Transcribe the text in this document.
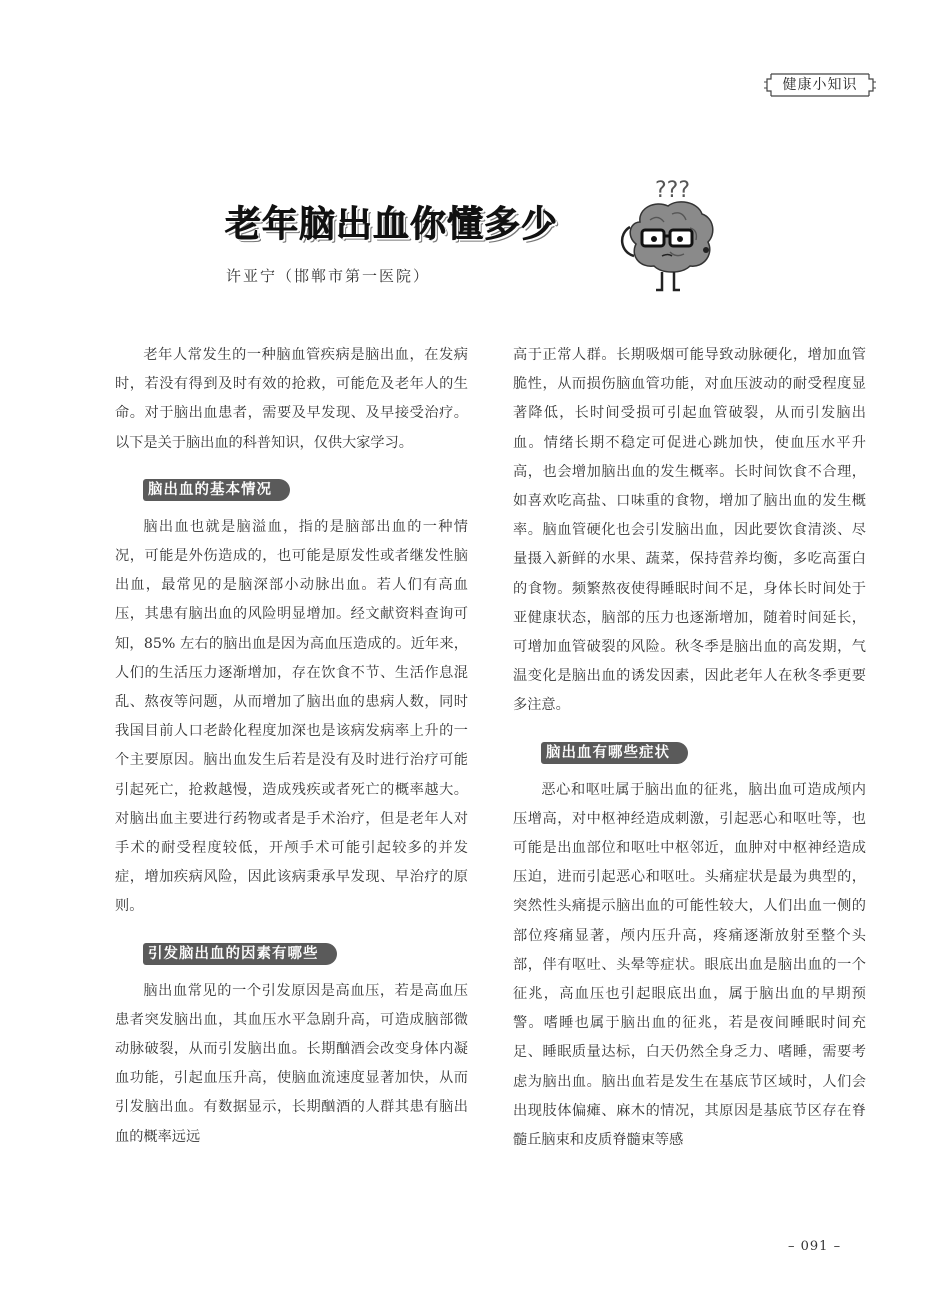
健康小知识
老年脑出血你懂多少
许亚宁（邯郸市第一医院）
???

老年人常发生的一种脑血管疾病是脑出血，在发病时，若没有得到及时有效的抢救，可能危及老年人的生命。对于脑出血患者，需要及早发现、及早接受治疗。以下是关于脑出血的科普知识，仅供大家学习。

脑出血的基本情况

脑出血也就是脑溢血，指的是脑部出血的一种情况，可能是外伤造成的，也可能是原发性或者继发性脑出血，最常见的是脑深部小动脉出血。若人们有高血压，其患有脑出血的风险明显增加。经文献资料查询可知，85% 左右的脑出血是因为高血压造成的。近年来，人们的生活压力逐渐增加，存在饮食不节、生活作息混乱、熬夜等问题，从而增加了脑出血的患病人数，同时我国目前人口老龄化程度加深也是该病发病率上升的一个主要原因。脑出血发生后若是没有及时进行治疗可能引起死亡，抢救越慢，造成残疾或者死亡的概率越大。对脑出血主要进行药物或者是手术治疗，但是老年人对手术的耐受程度较低，开颅手术可能引起较多的并发症，增加疾病风险，因此该病秉承早发现、早治疗的原则。

引发脑出血的因素有哪些

脑出血常见的一个引发原因是高血压，若是高血压患者突发脑出血，其血压水平急剧升高，可造成脑部微动脉破裂，从而引发脑出血。长期酗酒会改变身体内凝血功能，引起血压升高，使脑血流速度显著加快，从而引发脑出血。有数据显示，长期酗酒的人群其患有脑出血的概率远远

高于正常人群。长期吸烟可能导致动脉硬化，增加血管脆性，从而损伤脑血管功能，对血压波动的耐受程度显著降低，长时间受损可引起血管破裂，从而引发脑出血。情绪长期不稳定可促进心跳加快，使血压水平升高，也会增加脑出血的发生概率。长时间饮食不合理，如喜欢吃高盐、口味重的食物，增加了脑出血的发生概率。脑血管硬化也会引发脑出血，因此要饮食清淡、尽量摄入新鲜的水果、蔬菜，保持营养均衡，多吃高蛋白的食物。频繁熬夜使得睡眠时间不足，身体长时间处于亚健康状态，脑部的压力也逐渐增加，随着时间延长，可增加血管破裂的风险。秋冬季是脑出血的高发期，气温变化是脑出血的诱发因素，因此老年人在秋冬季更要多注意。

脑出血有哪些症状

恶心和呕吐属于脑出血的征兆，脑出血可造成颅内压增高，对中枢神经造成刺激，引起恶心和呕吐等，也可能是出血部位和呕吐中枢邻近，血肿对中枢神经造成压迫，进而引起恶心和呕吐。头痛症状是最为典型的，突然性头痛提示脑出血的可能性较大，人们出血一侧的部位疼痛显著，颅内压升高，疼痛逐渐放射至整个头部，伴有呕吐、头晕等症状。眼底出血是脑出血的一个征兆，高血压也引起眼底出血，属于脑出血的早期预警。嗜睡也属于脑出血的征兆，若是夜间睡眠时间充足、睡眠质量达标，白天仍然全身乏力、嗜睡，需要考虑为脑出血。脑出血若是发生在基底节区域时，人们会出现肢体偏瘫、麻木的情况，其原因是基底节区存在脊髓丘脑束和皮质脊髓束等感

– 091 –
